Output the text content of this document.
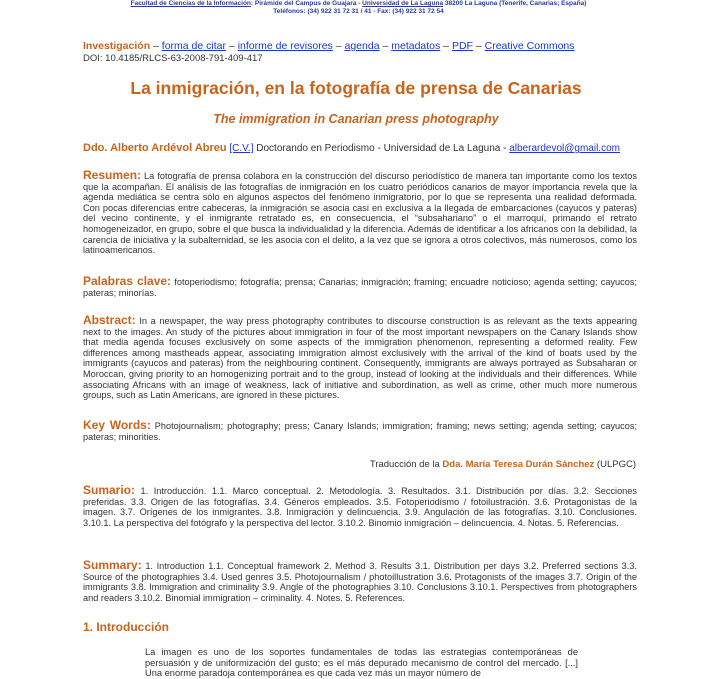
Facultad de Ciencias de la Información: Pirámide del Campus de Guajara - Universidad de La Laguna 38200 La Laguna (Tenerife, Canarias; España)
Teléfonos: (34) 922 31 72 31 / 41 - Fax: (34) 922 31 72 54
Investigación – forma de citar – informe de revisores – agenda – metadatos – PDF – Creative Commons
DOI: 10.4185/RLCS-63-2008-791-409-417
La inmigración, en la fotografía de prensa de Canarias
The immigration in Canarian press photography
Ddo. Alberto Ardévol Abreu [C.V.] Doctorando en Periodismo - Universidad de La Laguna - alberardevol@gmail.com
Resumen: La fotografía de prensa colabora en la construcción del discurso periodístico de manera tan importante como los textos que la acompañan. El análisis de las fotografías de inmigración en los cuatro periódicos canarios de mayor importancia revela que la agenda mediática se centra sólo en algunos aspectos del fenómeno inmigratorio, por lo que se representa una realidad deformada. Con pocas diferencias entre cabeceras, la inmigración se asocia casi en exclusiva a la llegada de embarcaciones (cayucos y pateras) del vecino continente, y el inmigrante retratado es, en consecuencia, el “subsahariano” o el marroquí, primando el retrato homogeneizador, en grupo, sobre el que busca la individualidad y la diferencia. Además de identificar a los africanos con la debilidad, la carencia de iniciativa y la subalternidad, se les asocia con el delito, a la vez que se ignora a otros colectivos, más numerosos, como los latinoamericanos.
Palabras clave: fotoperiodismo; fotografía; prensa; Canarias; inmigración; framing; encuadre noticioso; agenda setting; cayucos; pateras; minorías.
Abstract: In a newspaper, the way press photography contributes to discourse construction is as relevant as the texts appearing next to the images. An study of the pictures about immigration in four of the most important newspapers on the Canary Islands show that media agenda focuses exclusively on some aspects of the immigration phenomenon, representing a deformed reality. Few differences among mastheads appear, associating immigration almost exclusively with the arrival of the kind of boats used by the immigrants (cayucos and pateras) from the neighbouring continent. Consequently, immigrants are always portrayed as Subsaharan or Moroccan, giving priority to an homogenizing portrait and to the group, instead of looking at the individuals and their differences. While associating Africans with an image of weakness, lack of initiative and subordination, as well as crime, other much more numerous groups, such as Latin Americans, are ignored in these pictures.
Key Words: Photojournalism; photography; press; Canary Islands; immigration; framing; news setting; agenda setting; cayucos; pateras; minorities.
Traducción de la Dda. María Teresa Durán Sánchez (ULPGC)
Sumario: 1. Introducción. 1.1. Marco conceptual. 2. Metodología. 3. Resultados. 3.1. Distribución por días. 3.2. Secciones preferidas. 3.3. Origen de las fotografías. 3.4. Géneros empleados. 3.5. Fotoperiodismo / fotoilustración. 3.6. Protagonistas de la imagen. 3.7. Orígenes de los inmigrantes. 3.8. Inmigración y delincuencia. 3.9. Angulación de las fotografías. 3.10. Conclusiones. 3.10.1. La perspectiva del fotógrafo y la perspectiva del lector. 3.10.2. Binomio inmigración – delincuencia. 4. Notas. 5. Referencias.
Summary: 1. Introduction 1.1. Conceptual framework 2. Method 3. Results 3.1. Distribution per days 3.2. Preferred sections 3.3. Source of the photographies 3.4. Used genres 3.5. Photojournalism / photoillustration 3.6. Protagonists of the images 3.7. Origin of the immigrants 3.8. Immigration and criminality 3.9. Angle of the photographies 3.10. Conclusions 3.10.1. Perspectives from photographers and readers 3.10.2. Binomial immigration – criminality. 4. Notes. 5. References.
1. Introducción
La imagen es uno de los soportes fundamentales de todas las estrategias contemporáneas de persuasión y de uniformización del gusto; es el más depurado mecanismo de control del mercado. [...] Una enorme paradoja contemporánea es que cada vez más un mayor número de
